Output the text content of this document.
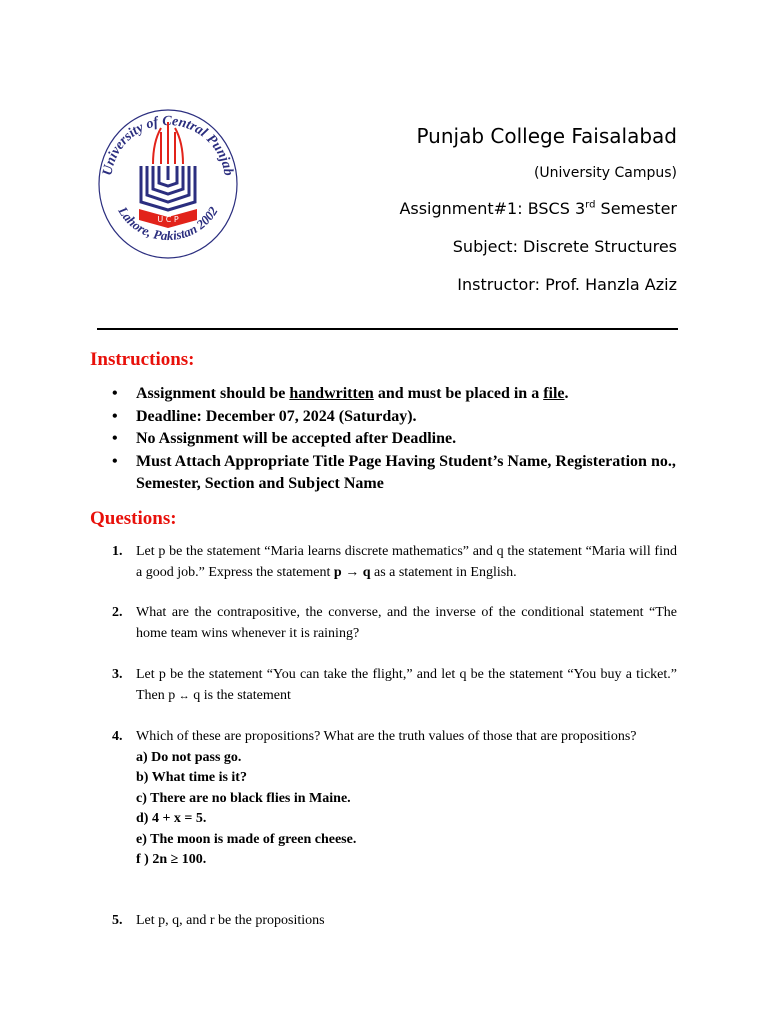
University of Central Punjab
Lahore, Pakistan 2002
U C P
Punjab College Faisalabad
(University Campus)
Assignment#1: BSCS 3rd Semester
Subject: Discrete Structures
Instructor: Prof. Hanzla Aziz
Instructions:
• Assignment should be handwritten and must be placed in a file.
• Deadline: December 07, 2024 (Saturday).
• No Assignment will be accepted after Deadline.
• Must Attach Appropriate Title Page Having Student’s Name, Registeration no., Semester, Section and Subject Name
Questions:
1. Let p be the statement “Maria learns discrete mathematics” and q the statement “Maria will find a good job.” Express the statement p → q as a statement in English.
2. What are the contrapositive, the converse, and the inverse of the conditional statement “The home team wins whenever it is raining?
3. Let p be the statement “You can take the flight,” and let q be the statement “You buy a ticket.” Then p ↔ q is the statement
4. Which of these are propositions? What are the truth values of those that are propositions?
a) Do not pass go.
b) What time is it?
c) There are no black flies in Maine.
d) 4 + x = 5.
e) The moon is made of green cheese.
f ) 2n ≥ 100.
5. Let p, q, and r be the propositions
